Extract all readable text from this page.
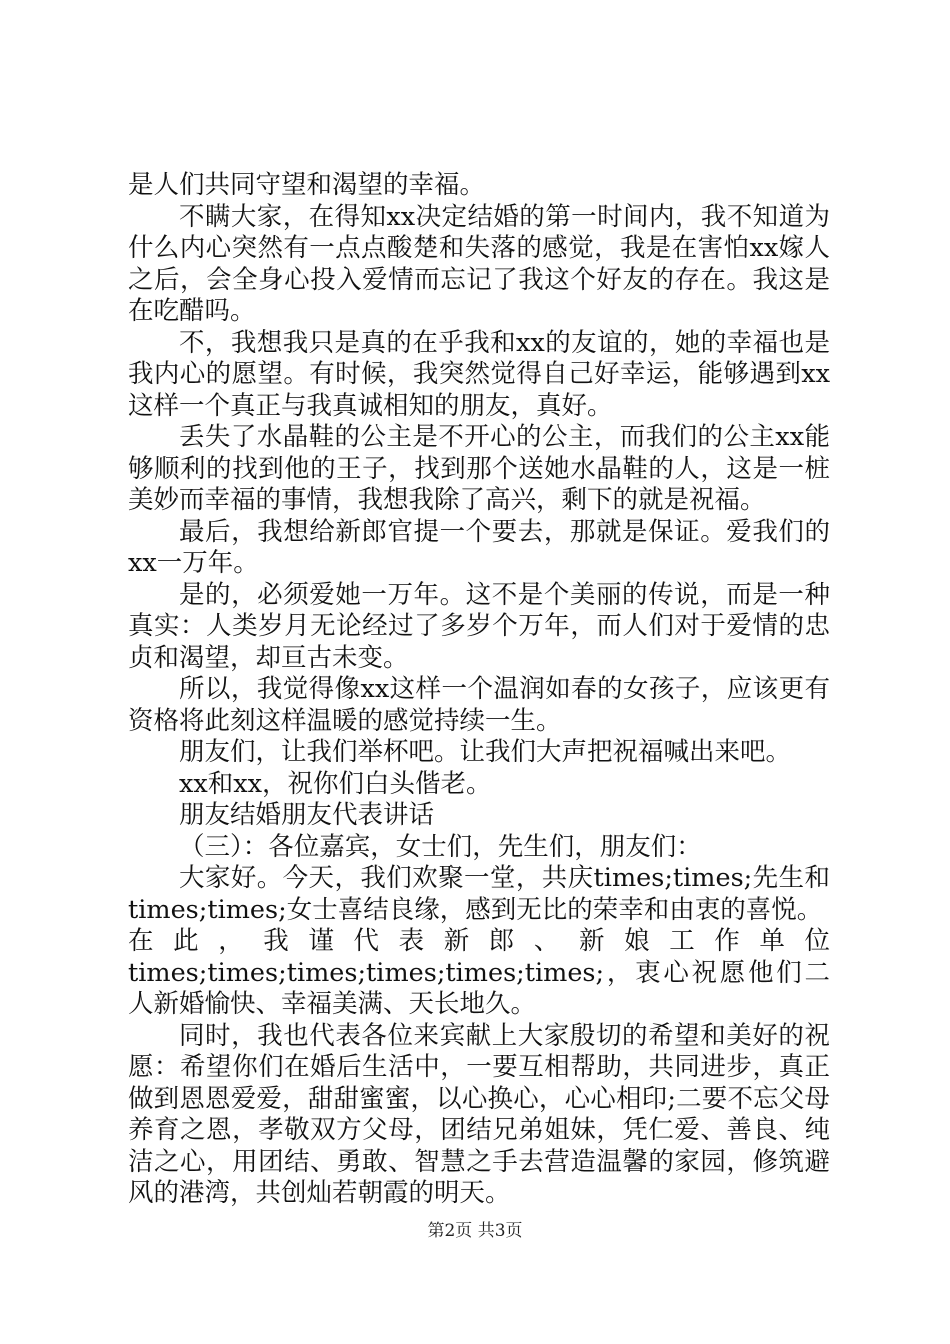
是人们共同守望和渴望的幸福。

不瞒大家，在得知xx决定结婚的第一时间内，我不知道为什么内心突然有一点点酸楚和失落的感觉，我是在害怕xx嫁人之后，会全身心投入爱情而忘记了我这个好友的存在。我这是在吃醋吗。

不，我想我只是真的在乎我和xx的友谊的，她的幸福也是我内心的愿望。有时候，我突然觉得自己好幸运，能够遇到xx这样一个真正与我真诚相知的朋友，真好。

丢失了水晶鞋的公主是不开心的公主，而我们的公主xx能够顺利的找到他的王子，找到那个送她水晶鞋的人，这是一桩美妙而幸福的事情，我想我除了高兴，剩下的就是祝福。

最后，我想给新郎官提一个要去，那就是保证。爱我们的xx一万年。

是的，必须爱她一万年。这不是个美丽的传说，而是一种真实：人类岁月无论经过了多岁个万年，而人们对于爱情的忠贞和渴望，却亘古未变。

所以，我觉得像xx这样一个温润如春的女孩子，应该更有资格将此刻这样温暖的感觉持续一生。

朋友们，让我们举杯吧。让我们大声把祝福喊出来吧。

xx和xx，祝你们白头偕老。

朋友结婚朋友代表讲话

（三）：各位嘉宾，女士们，先生们，朋友们：

大家好。今天，我们欢聚一堂，共庆times;times;先生和times;times;女士喜结良缘，感到无比的荣幸和由衷的喜悦。

在此，我谨代表新郎、新娘工作单位

times;times;times;times;times;times;，衷心祝愿他们二人新婚愉快、幸福美满、天长地久。

同时，我也代表各位来宾献上大家殷切的希望和美好的祝愿：希望你们在婚后生活中，一要互相帮助，共同进步，真正做到恩恩爱爱，甜甜蜜蜜，以心换心，心心相印;二要不忘父母养育之恩，孝敬双方父母，团结兄弟姐妹，凭仁爱、善良、纯洁之心，用团结、勇敢、智慧之手去营造温馨的家园，修筑避风的港湾，共创灿若朝霞的明天。

第2页 共3页
